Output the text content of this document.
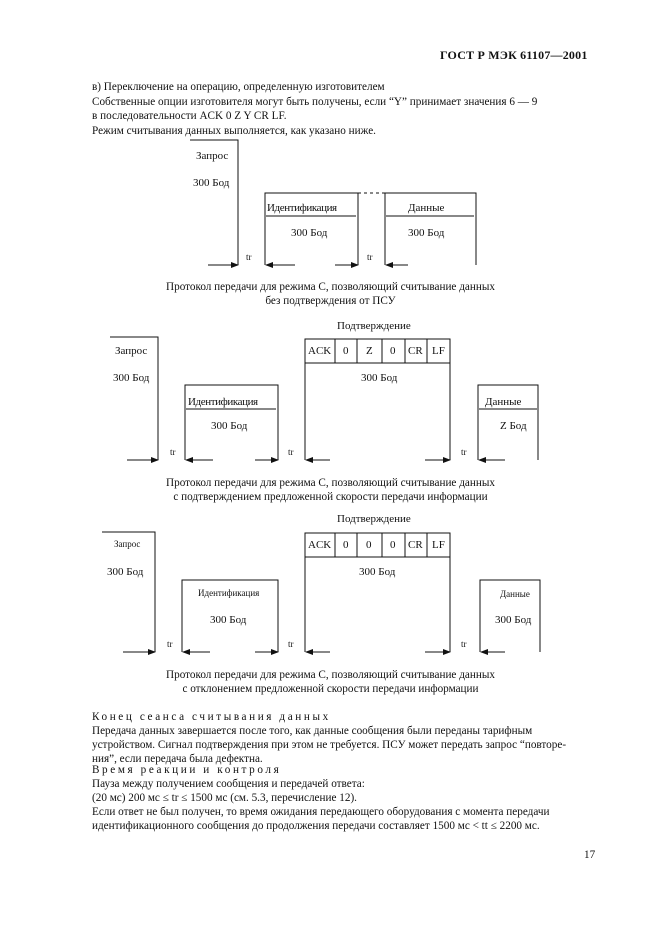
ГОСТ Р МЭК 61107—2001
в) Переключение на операцию, определенную изготовителем
Собственные опции изготовителя могут быть получены, если “Y” принимает значения 6 — 9
в последовательности ACK 0 Z Y CR LF.
Режим считывания данных выполняется, как указано ниже.
Запрос
300 Бод
Идентификация
300 Бод
Данные
300 Бод
tr	tr
Протокол передачи для режима С, позволяющий считывание данных
без подтверждения от ПСУ
Подтверждение
ACK 0 Z 0 CR LF
300 Бод
Запрос
300 Бод
Идентификация
300 Бод
Данные
Z Бод
tr	tr	tr
Протокол передачи для режима С, позволяющий считывание данных
с подтверждением предложенной скорости передачи информации
Подтверждение
ACK 0 0 0 CR LF
300 Бод
Запрос
300 Бод
Идентификация
300 Бод
Данные
300 Бод
tr	tr	tr
Протокол передачи для режима С, позволяющий считывание данных
с отклонением предложенной скорости передачи информации
Конец сеанса считывания данных
Передача данных завершается после того, как данные сообщения были переданы тарифным
устройством. Сигнал подтверждения при этом не требуется. ПСУ может передать запрос “повторе-
ния”, если передача была дефектна.
Время реакции и контроля
Пауза между получением сообщения и передачей ответа:
(20 мс) 200 мс ≤ tr ≤ 1500 мс (см. 5.3, перечисление 12).
Если ответ не был получен, то время ожидания передающего оборудования с момента передачи
идентификационного сообщения до продолжения передачи составляет 1500 мс < tt ≤ 2200 мс.
17
